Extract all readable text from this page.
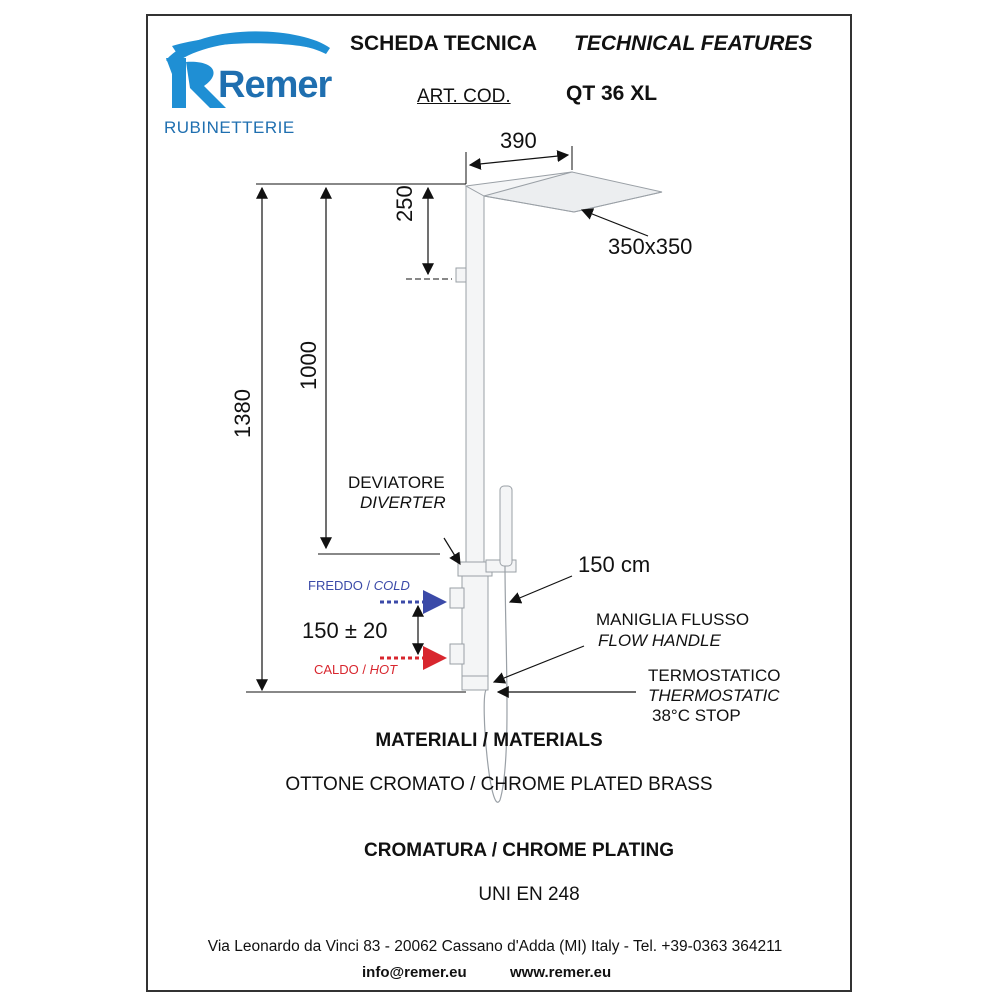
Remer
RUBINETTERIE
SCHEDA TECNICA TECHNICAL FEATURES
ART. COD.	QT 36 XL
390
250
350x350
1000
1380
DEVIATORE
DIVERTER
150 cm
FREDDO / COLD
CALDO / HOT
150 ± 20	MANIGLIA FLUSSO
FLOW HANDLE
TERMOSTATICO
THERMOSTATIC
38°C STOP
MATERIALI / MATERIALS
OTTONE CROMATO / CHROME PLATED BRASS
CROMATURA / CHROME PLATING
UNI EN 248
Via Leonardo da Vinci 83 - 20062 Cassano d'Adda (MI) Italy - Tel. +39-0363 364211
info@remer.eu	www.remer.eu
